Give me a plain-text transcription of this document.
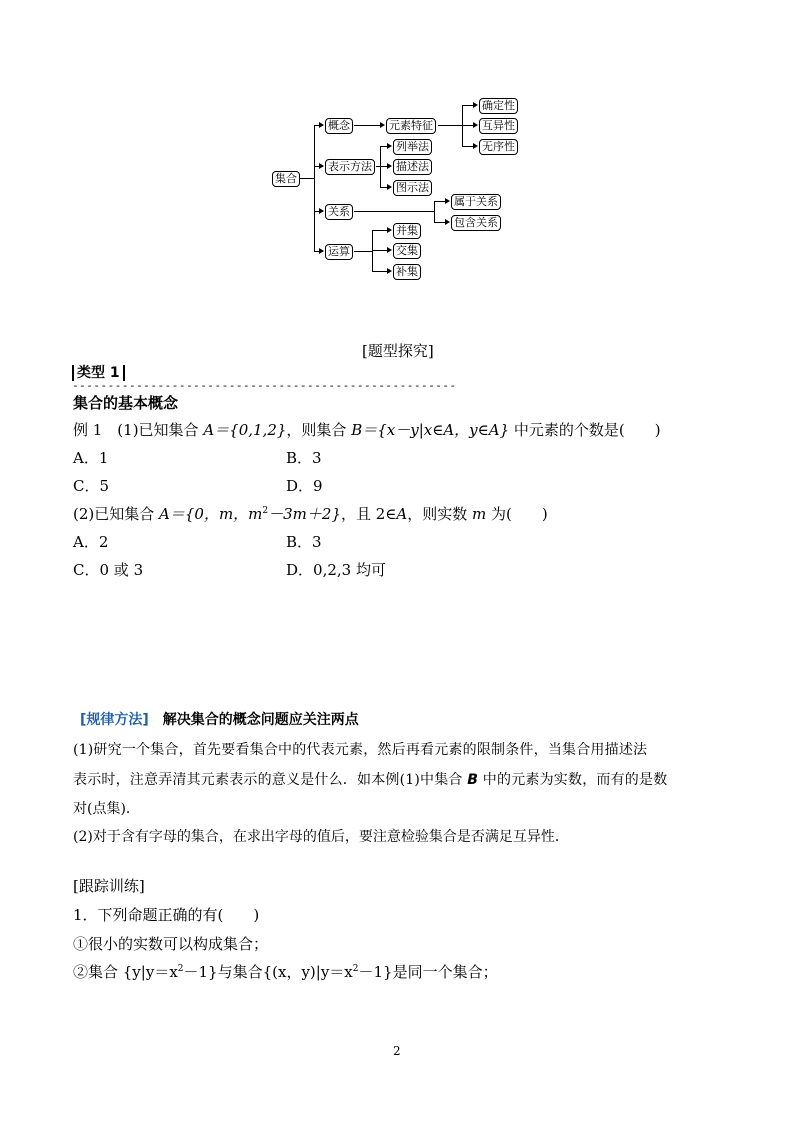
集合
概念	元素特征
确定性
互异性
无序性
表示方法
列举法
描述法
图示法
关系
属于关系
包含关系
运算
并集
交集
补集
[题型探究]
类型 1
------------------------------------------------------
集合的基本概念
例 1　(1)已知集合 A＝{0,1,2}，则集合 B＝{x－y|x∈A，y∈A} 中元素的个数是(　　)
A．1	B．3
C．5	D．9
(2)已知集合 A＝{0，m，$m^2-3m+2$}，且 2∈A，则实数 m 为(　　)
A．2	B．3
C．0 或 3	D．0,2,3 均可
[规律方法]　解决集合的概念问题应关注两点
(1)研究一个集合，首先要看集合中的代表元素，然后再看元素的限制条件，当集合用描述法
表示时，注意弄清其元素表示的意义是什么．如本例(1)中集合 B 中的元素为实数，而有的是数
对(点集)．
(2)对于含有字母的集合，在求出字母的值后，要注意检验集合是否满足互异性．
[跟踪训练]
1．下列命题正确的有(　　)
①很小的实数可以构成集合；
②集合 $\{y|y=x^2-1\}$与集合{(x，$y)|y=x^2-1$}是同一个集合；
2
